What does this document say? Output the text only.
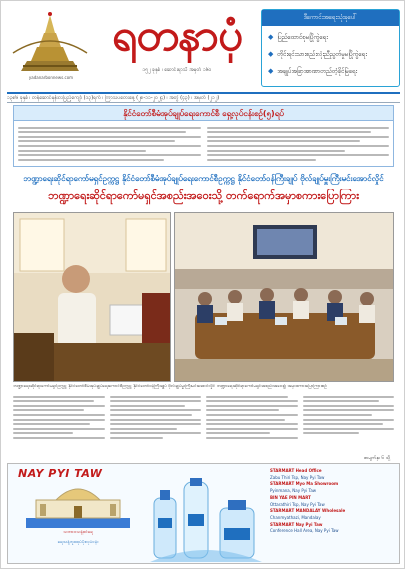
yadanarbonnews.com
ရတနာပုံ
၁၅၂ ခုနှစ် ၊ ဆောင်းရာသီ အမှတ် ၁၆၀
ဒီကောင်းအရေးသုံးခုပေါ်
◆ ပြည်ထောင်စုမပြိုကွဲရေး
◆ တိုင်းရင်းသားစည်းလုံးညီညွတ်မှုမပြိုကွဲရေး
◆ အချုပ်အခြာအာဏာတည်တံ့ခိုင်မြဲရေး
၁၃၈၆ ခုနှစ် ၊ တန်ဆောင်မုန်းလပြည့်ကျော် (၁၃)ရက် ၊ ကြာသပတေးနေ့ (၂၈-၁၁-၂၀၂၄) ၊ အတွဲ (၄၃) ၊ အမှတ် (၂၁၂)
နိုင်ငံတော်စီမံအုပ်ချုပ်ရေးကောင်စီ ရှေ့လုပ်ငန်းစဉ်(၅)ရပ်
ဘဏ္ဍာရေးဆိုင်ရာကော်မရှင်ဥက္ကဋ္ဌ နိုင်ငံတော်စီမံအုပ်ချုပ်ရေးကောင်စီဥက္ကဋ္ဌ နိုင်ငံတော်ဝန်ကြီးချုပ် ဗိုလ်ချုပ်မှူးကြီးမင်းအောင်လှိုင်
ဘဏ္ဍာရေးဆိုင်ရာကော်မရှင်အစည်းအဝေးသို့ တက်ရောက်အမှာစကားပြောကြား
ဘဏ္ဍာရေးဆိုင်ရာကော်မရှင်ဥက္ကဋ္ဌ နိုင်ငံတော်စီမံအုပ်ချုပ်ရေးကောင်စီဥက္ကဋ္ဌ နိုင်ငံတော်ဝန်ကြီးချုပ် ဗိုလ်ချုပ်မှူးကြီးမင်းအောင်လှိုင် ဘဏ္ဍာရေးဆိုင်ရာကော်မရှင်အစည်းအဝေး၌ အမှာစကားပြောကြားစဉ်
စာမျက်နှာ ၆ သို့
NAY PYI TAW
သဘာဝသန့်စင်ရေ
ရေသန့်ဘူးထုပ်ပိုးလုပ်ငန်း
STARMART Head Office
Zabu Thiri Tsp, Nay Pyi Taw
STARMART Myo Ma Showroom
Pyinmana, Nay Pyi Taw
BIN YAE PIN MART
Ottarathiri Tsp, Nay Pyi Taw
STARMART MANDALAY Wholesale
Chanmyathazi, Mandalay
STARMART Nay Pyi Taw
Conference Hall Area, Nay Pyi Taw
